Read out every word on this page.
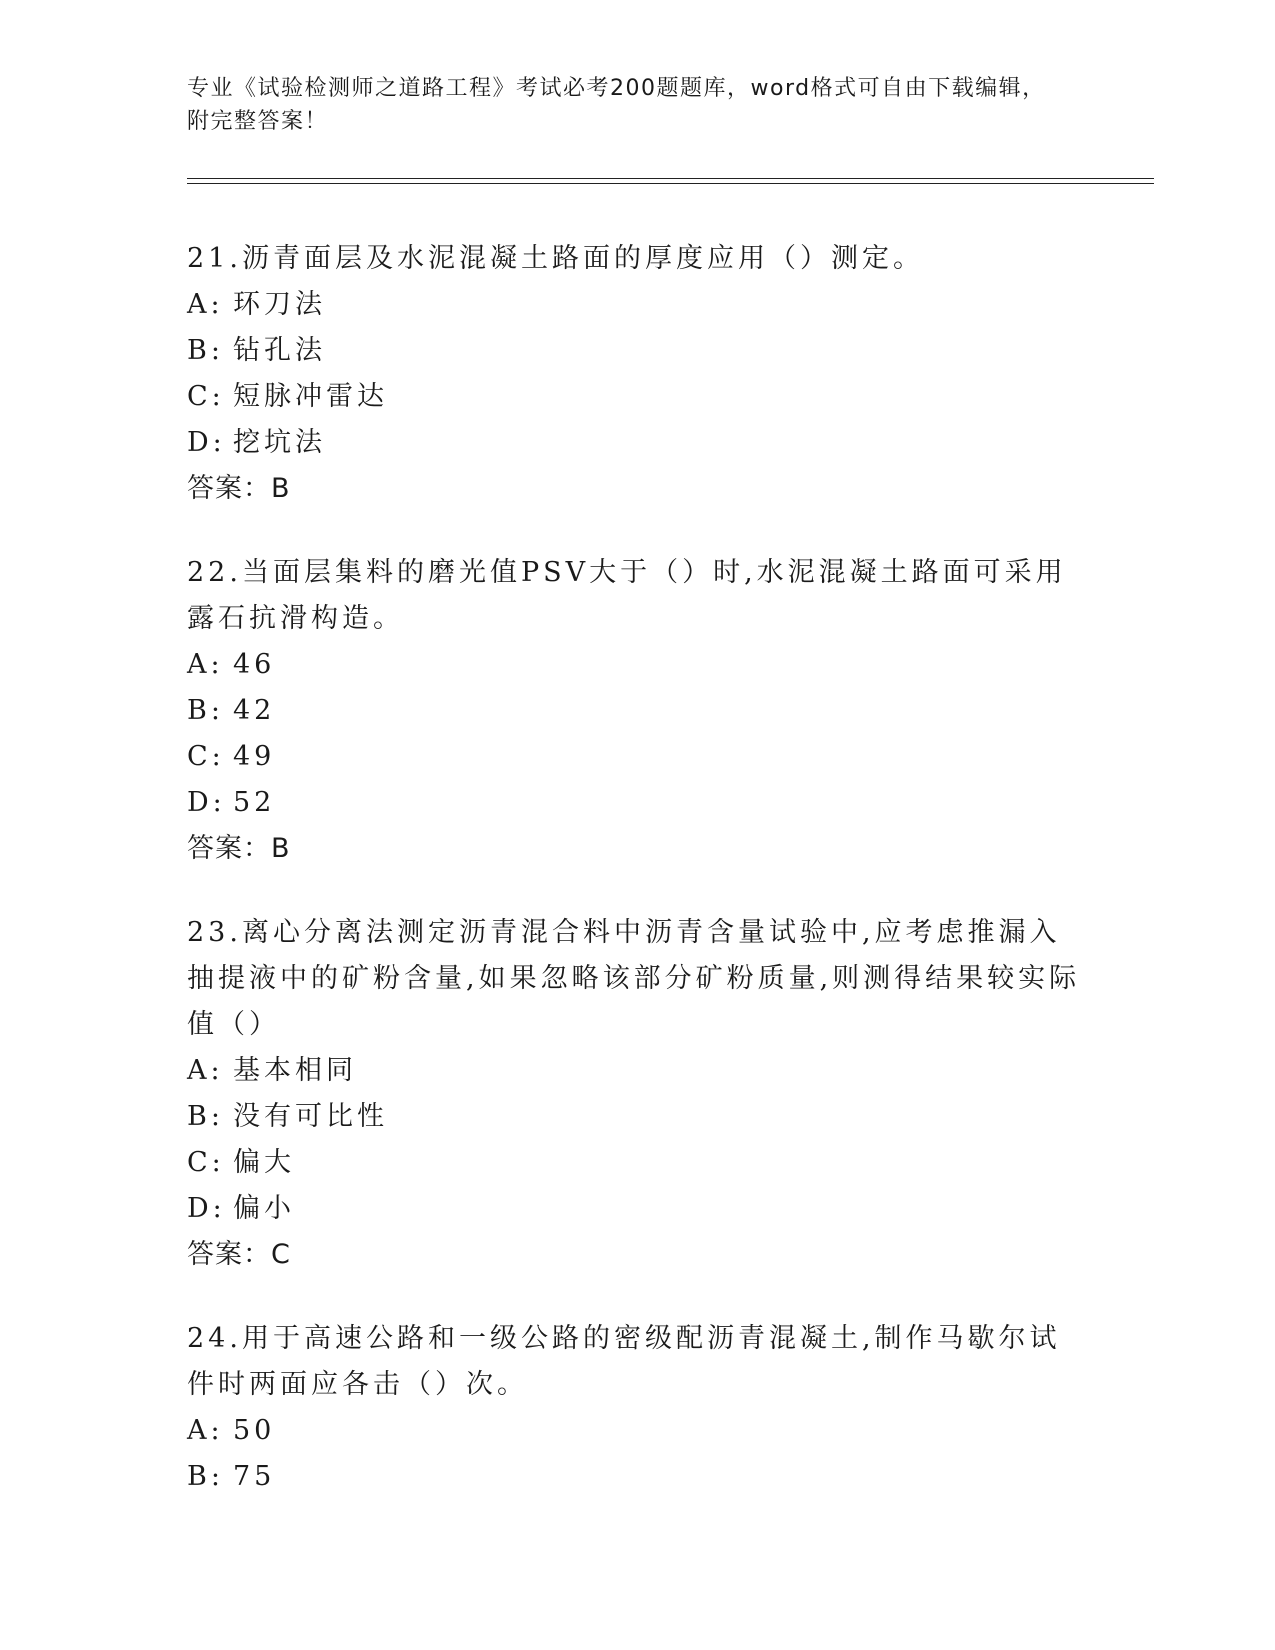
专业《试验检测师之道路工程》考试必考200题题库，word格式可自由下载编辑，附完整答案！

21.沥青面层及水泥混凝土路面的厚度应用（）测定。

A: 环刀法
B: 钻孔法
C: 短脉冲雷达
D: 挖坑法
答案：B

22.当面层集料的磨光值PSV大于（）时,水泥混凝土路面可采用露石抗滑构造。

A: 46
B: 42
C: 49
D: 52
答案：B

23.离心分离法测定沥青混合料中沥青含量试验中,应考虑推漏入抽提液中的矿粉含量,如果忽略该部分矿粉质量,则测得结果较实际值（）

A: 基本相同
B: 没有可比性
C: 偏大
D: 偏小
答案：C

24.用于高速公路和一级公路的密级配沥青混凝土,制作马歇尔试件时两面应各击（）次。

A: 50
B: 75
